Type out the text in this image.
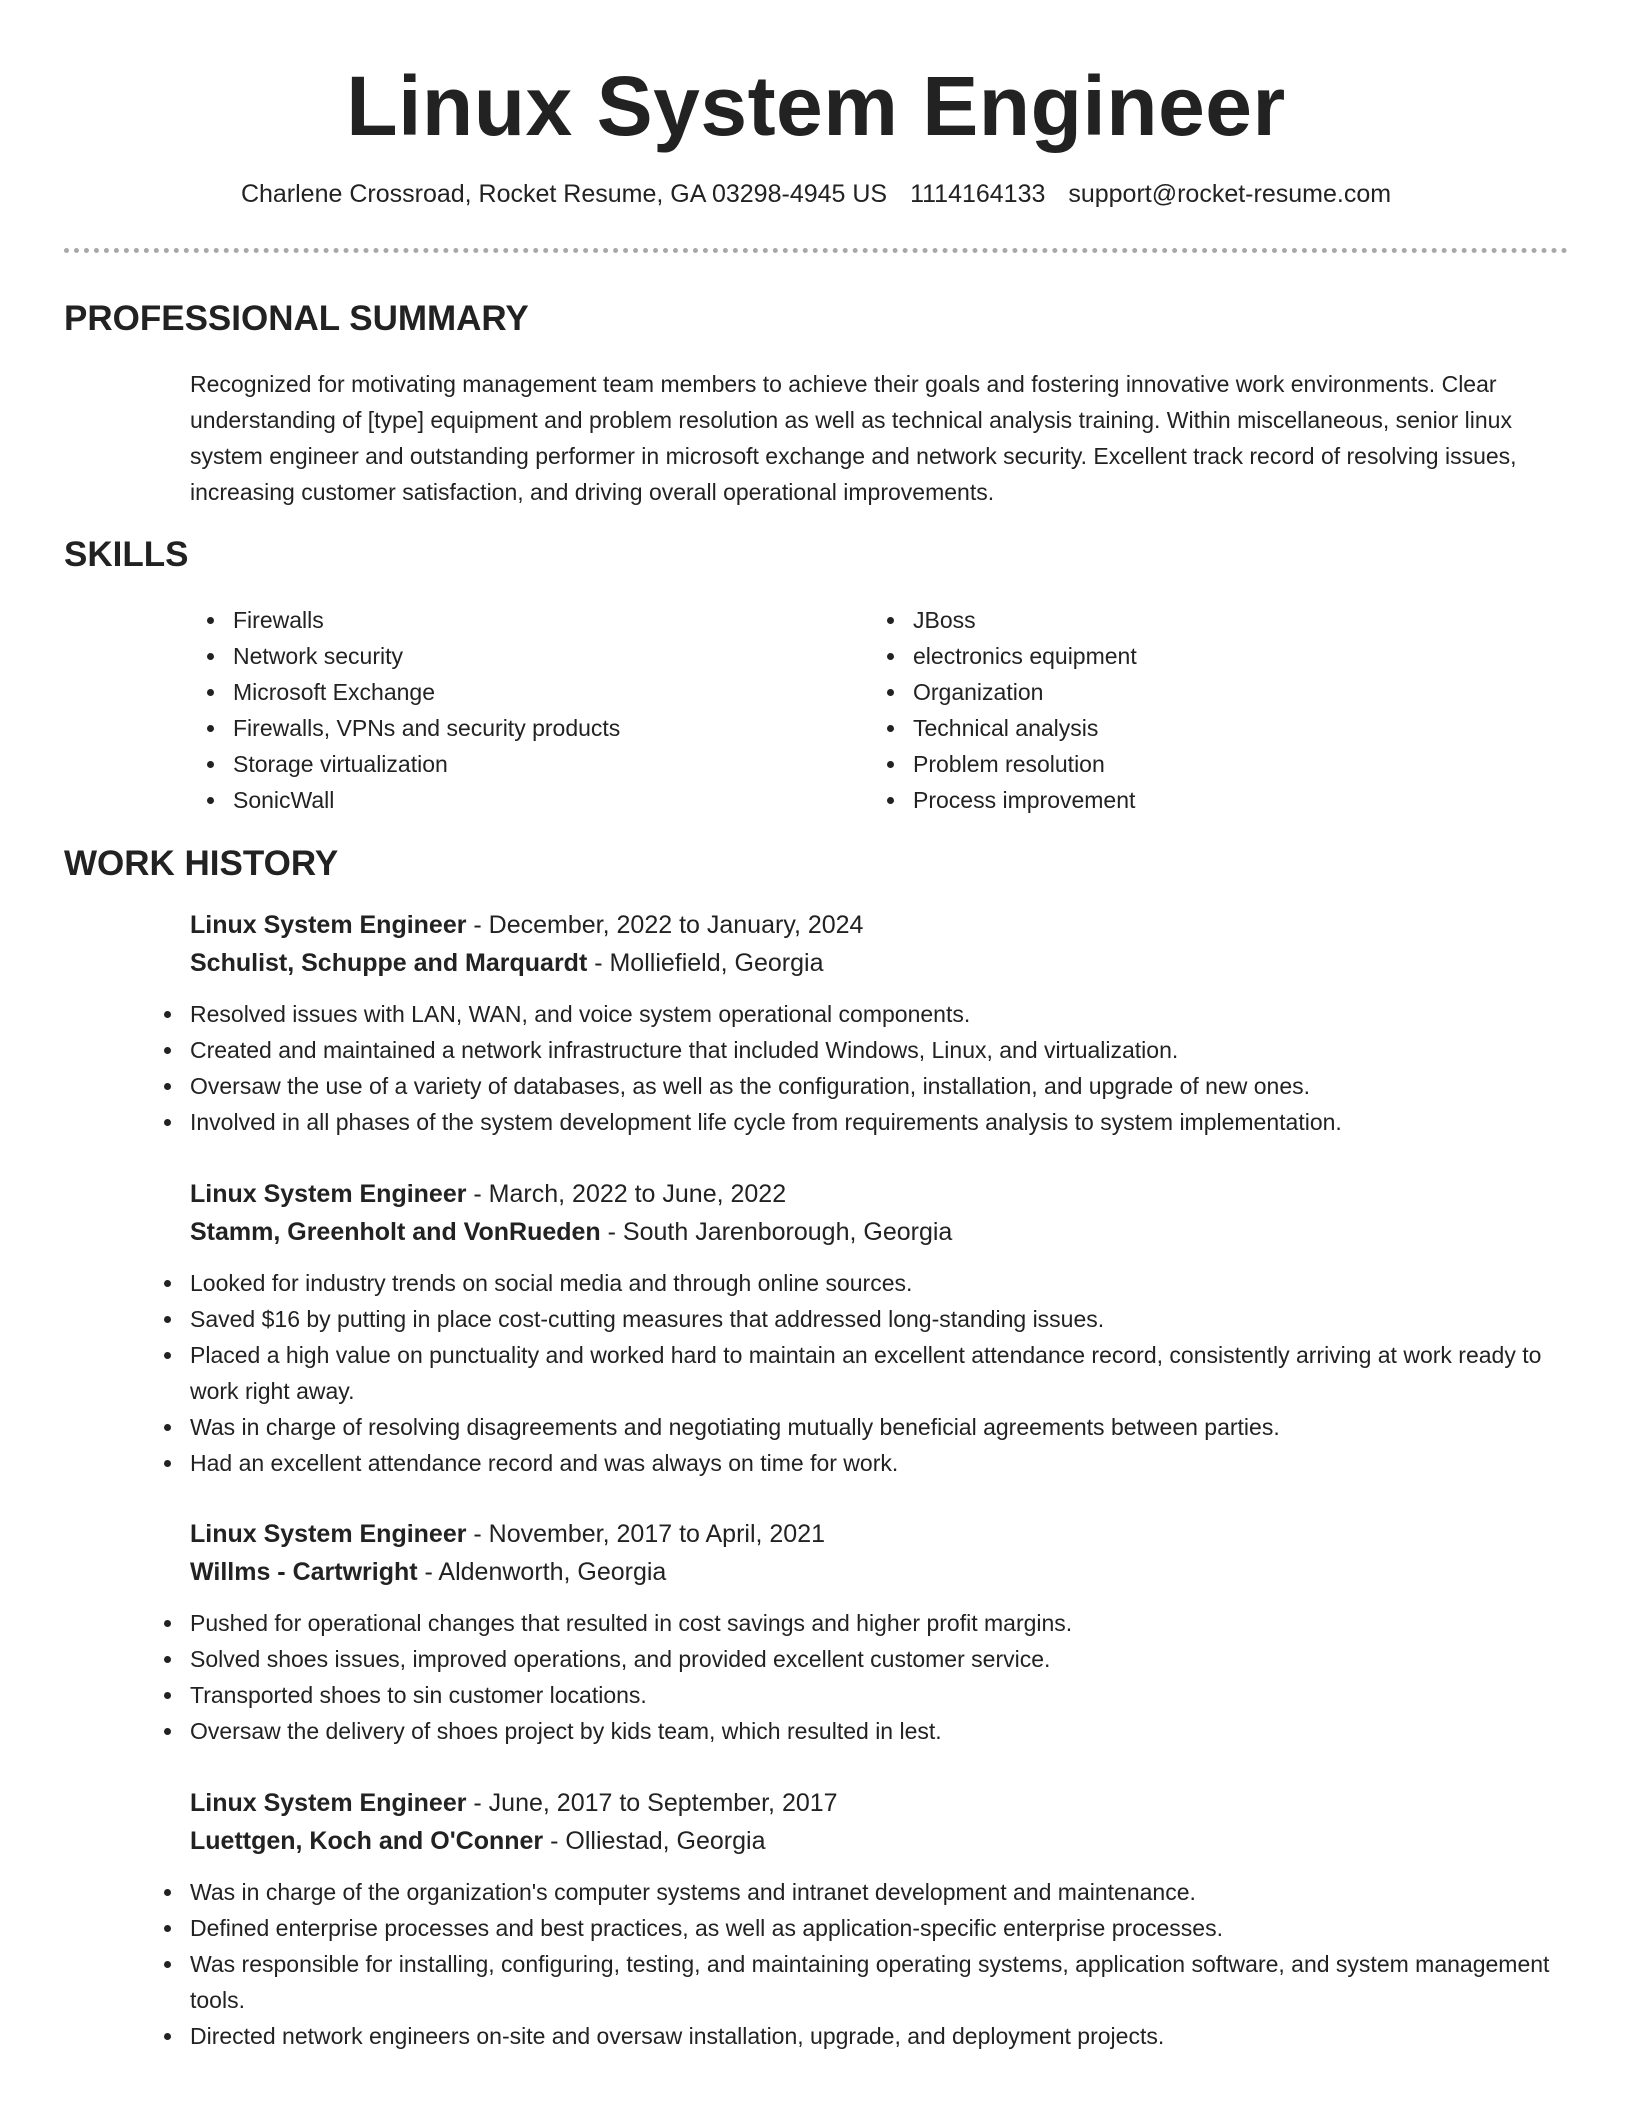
Linux System Engineer
Charlene Crossroad, Rocket Resume, GA 03298-4945 US 1114164133 support@rocket-resume.com
PROFESSIONAL SUMMARY

Recognized for motivating management team members to achieve their goals and fostering innovative work environments. Clear understanding of [type] equipment and problem resolution as well as technical analysis training. Within miscellaneous, senior linux system engineer and outstanding performer in microsoft exchange and network security. Excellent track record of resolving issues, increasing customer satisfaction, and driving overall operational improvements.

SKILLS
Firewalls
Network security
Microsoft Exchange
Firewalls, VPNs and security products
Storage virtualization
SonicWall
JBoss
electronics equipment
Organization
Technical analysis
Problem resolution
Process improvement
WORK HISTORY

Linux System Engineer - December, 2022 to January, 2024

Schulist, Schuppe and Marquardt - Molliefield, Georgia

Resolved issues with LAN, WAN, and voice system operational components.
Created and maintained a network infrastructure that included Windows, Linux, and virtualization.
Oversaw the use of a variety of databases, as well as the configuration, installation, and upgrade of new ones.
Involved in all phases of the system development life cycle from requirements analysis to system implementation.

Linux System Engineer - March, 2022 to June, 2022

Stamm, Greenholt and VonRueden - South Jarenborough, Georgia

Looked for industry trends on social media and through online sources.
Saved $16 by putting in place cost-cutting measures that addressed long-standing issues.
Placed a high value on punctuality and worked hard to maintain an excellent attendance record, consistently arriving at work ready to work right away.
Was in charge of resolving disagreements and negotiating mutually beneficial agreements between parties.
Had an excellent attendance record and was always on time for work.

Linux System Engineer - November, 2017 to April, 2021

Willms - Cartwright - Aldenworth, Georgia

Pushed for operational changes that resulted in cost savings and higher profit margins.
Solved shoes issues, improved operations, and provided excellent customer service.
Transported shoes to sin customer locations.
Oversaw the delivery of shoes project by kids team, which resulted in lest.

Linux System Engineer - June, 2017 to September, 2017

Luettgen, Koch and O'Conner - Olliestad, Georgia

Was in charge of the organization's computer systems and intranet development and maintenance.
Defined enterprise processes and best practices, as well as application-specific enterprise processes.
Was responsible for installing, configuring, testing, and maintaining operating systems, application software, and system management tools.
Directed network engineers on-site and oversaw installation, upgrade, and deployment projects.
